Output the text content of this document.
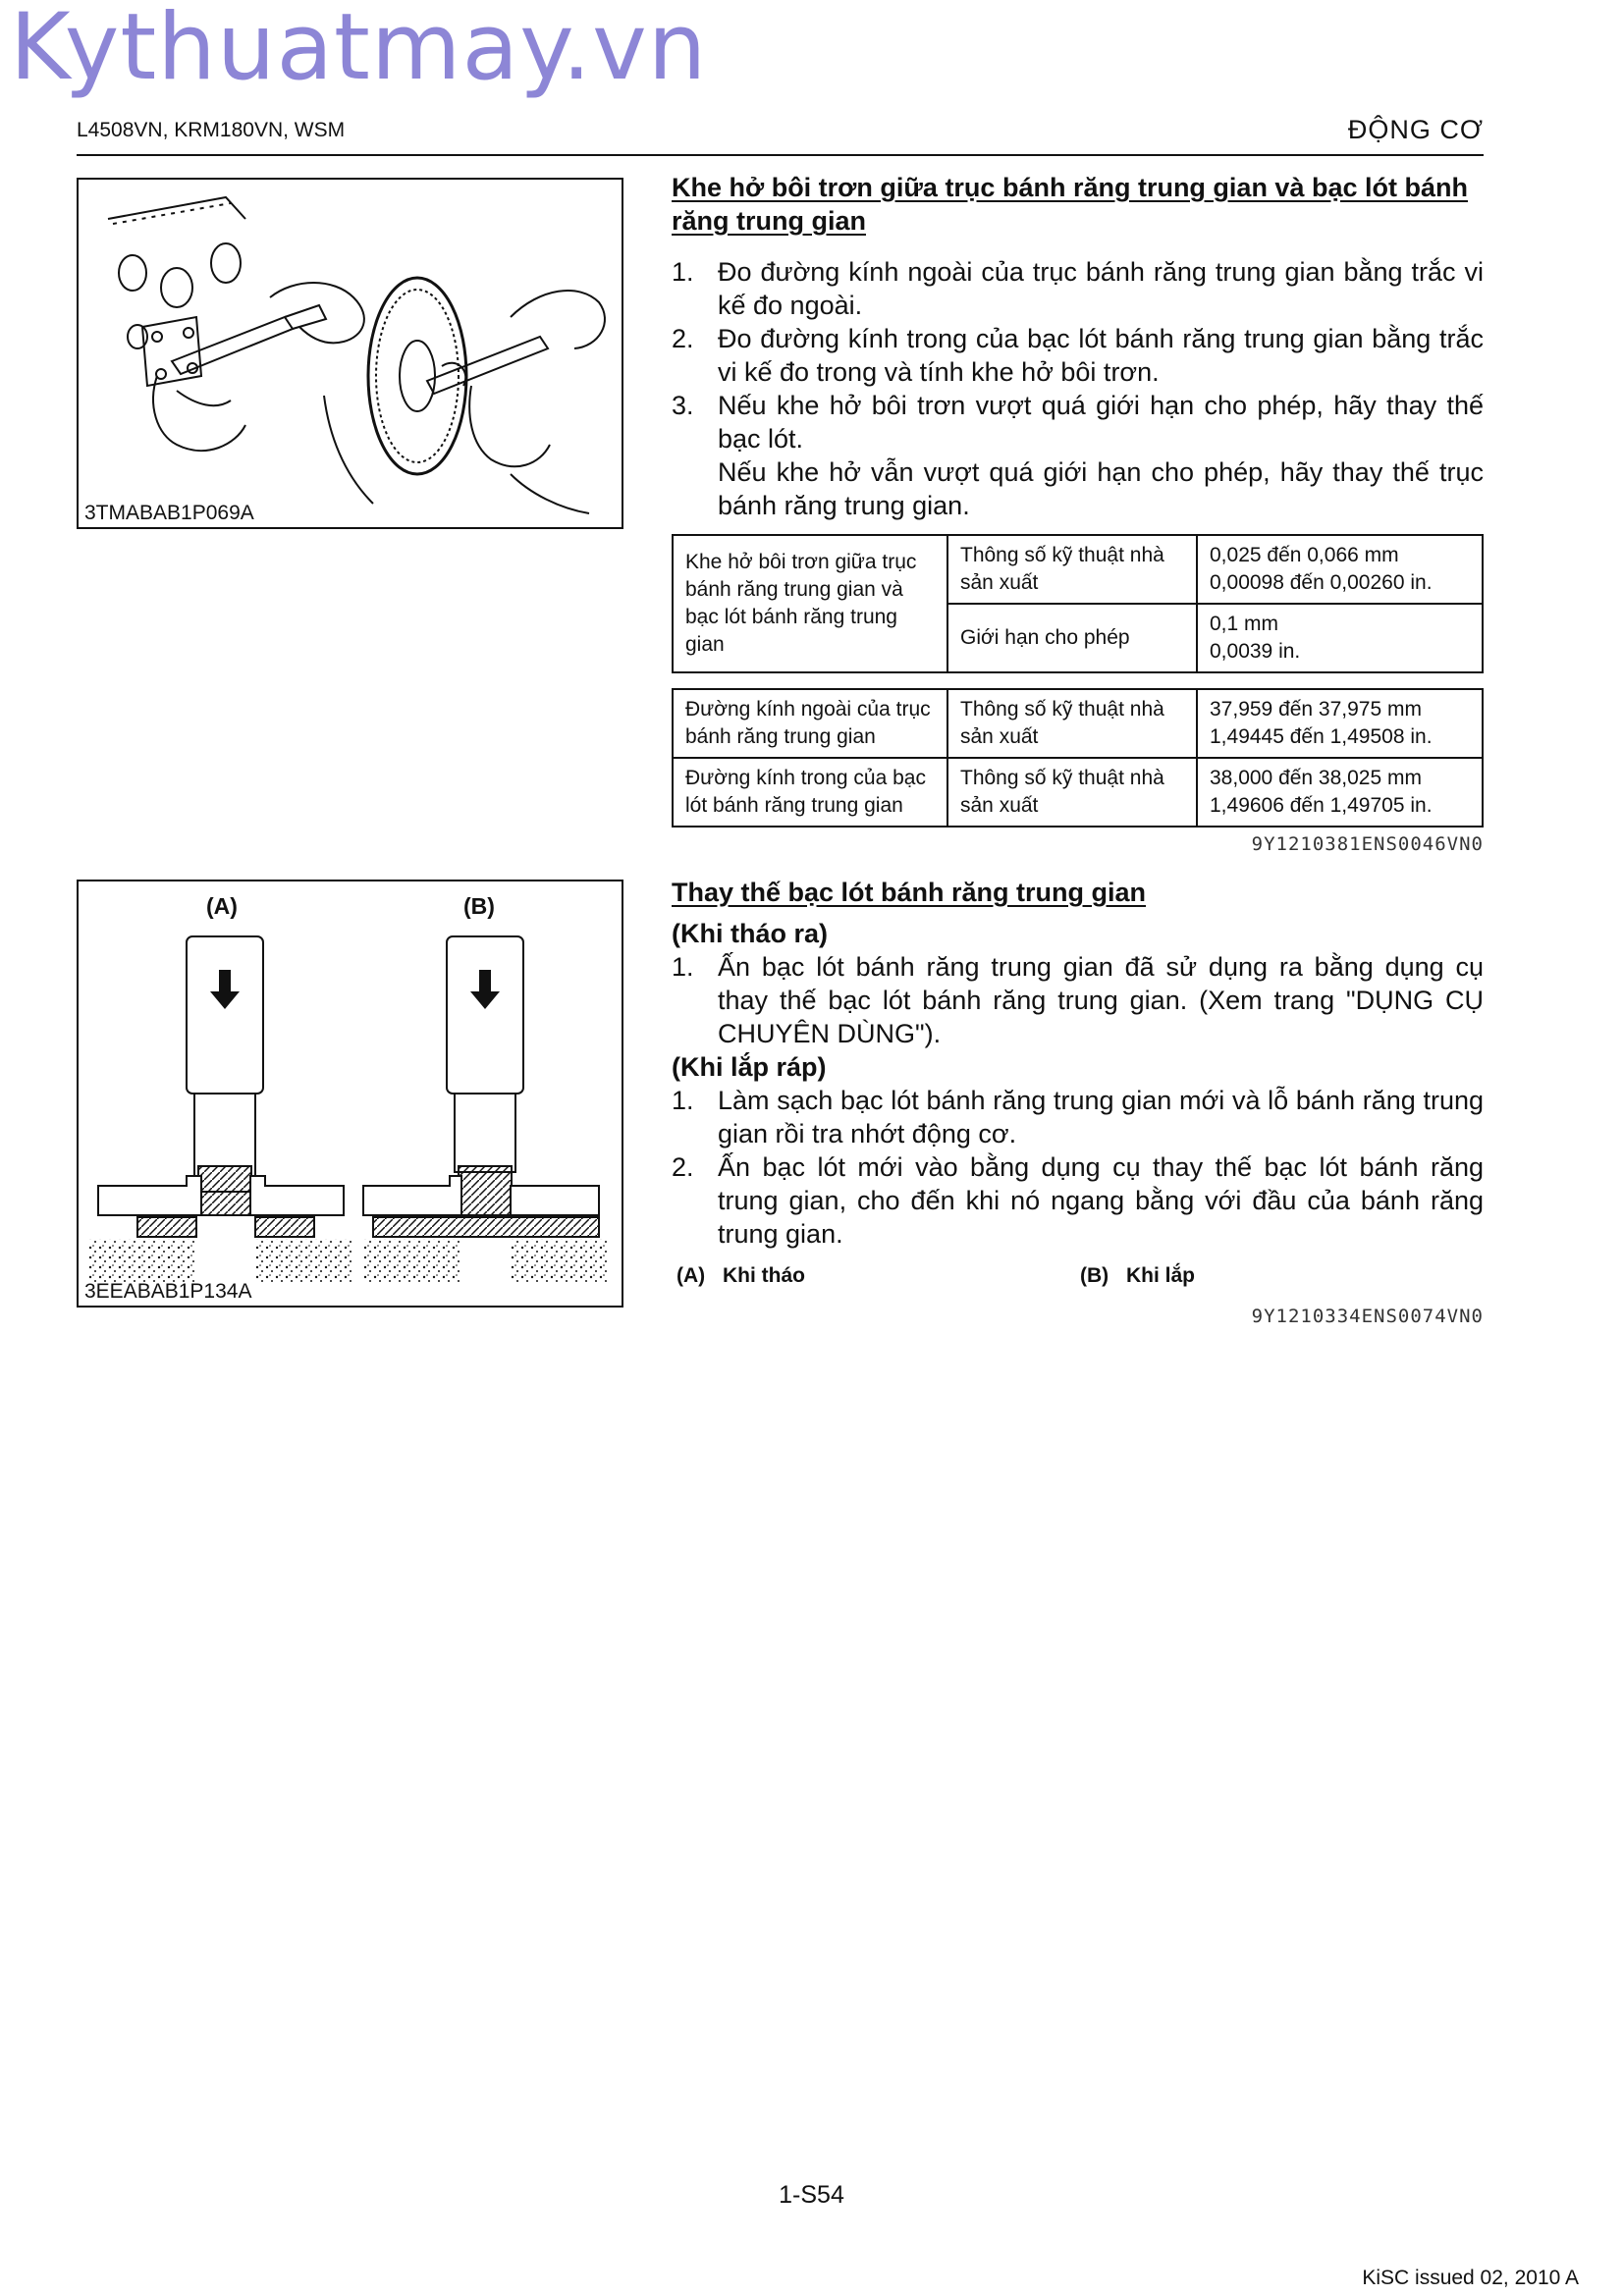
Kythuatmay.vn
L4508VN, KRM180VN, WSM	ĐỘNG CƠ
3TMABAB1P069A
(A)	(B)
3EEABAB1P134A
Khe hở bôi trơn giữa trục bánh răng trung gian và bạc lót bánh răng trung gian
1. Đo đường kính ngoài của trục bánh răng trung gian bằng trắc vi kế đo ngoài.
2. Đo đường kính trong của bạc lót bánh răng trung gian bằng trắc vi kế đo trong và tính khe hở bôi trơn.
3. Nếu khe hở bôi trơn vượt quá giới hạn cho phép, hãy thay thế bạc lót.
Nếu khe hở vẫn vượt quá giới hạn cho phép, hãy thay thế trục bánh răng trung gian.
Khe hở bôi trơn giữa trục bánh răng trung gian và bạc lót bánh răng trung gian	Thông số kỹ thuật nhà sản xuất	0,025 đến 0,066 mm
0,00098 đến 0,00260 in.
	Giới hạn cho phép	0,1 mm
0,0039 in.
Đường kính ngoài của trục bánh răng trung gian	Thông số kỹ thuật nhà sản xuất	37,959 đến 37,975 mm
1,49445 đến 1,49508 in.
Đường kính trong của bạc lót bánh răng trung gian	Thông số kỹ thuật nhà sản xuất	38,000 đến 38,025 mm
1,49606 đến 1,49705 in.
9Y1210381ENS0046VN0
Thay thế bạc lót bánh răng trung gian
(Khi tháo ra)
1. Ấn bạc lót bánh răng trung gian đã sử dụng ra bằng dụng cụ thay thế bạc lót bánh răng trung gian. (Xem trang "DỤNG CỤ CHUYÊN DÙNG").
(Khi lắp ráp)
1. Làm sạch bạc lót bánh răng trung gian mới và lỗ bánh răng trung gian rồi tra nhớt động cơ.
2. Ấn bạc lót mới vào bằng dụng cụ thay thế bạc lót bánh răng trung gian, cho đến khi nó ngang bằng với đầu của bánh răng trung gian.
(A) Khi tháo	(B) Khi lắp
9Y1210334ENS0074VN0
1-S54
KiSC issued 02, 2010 A
